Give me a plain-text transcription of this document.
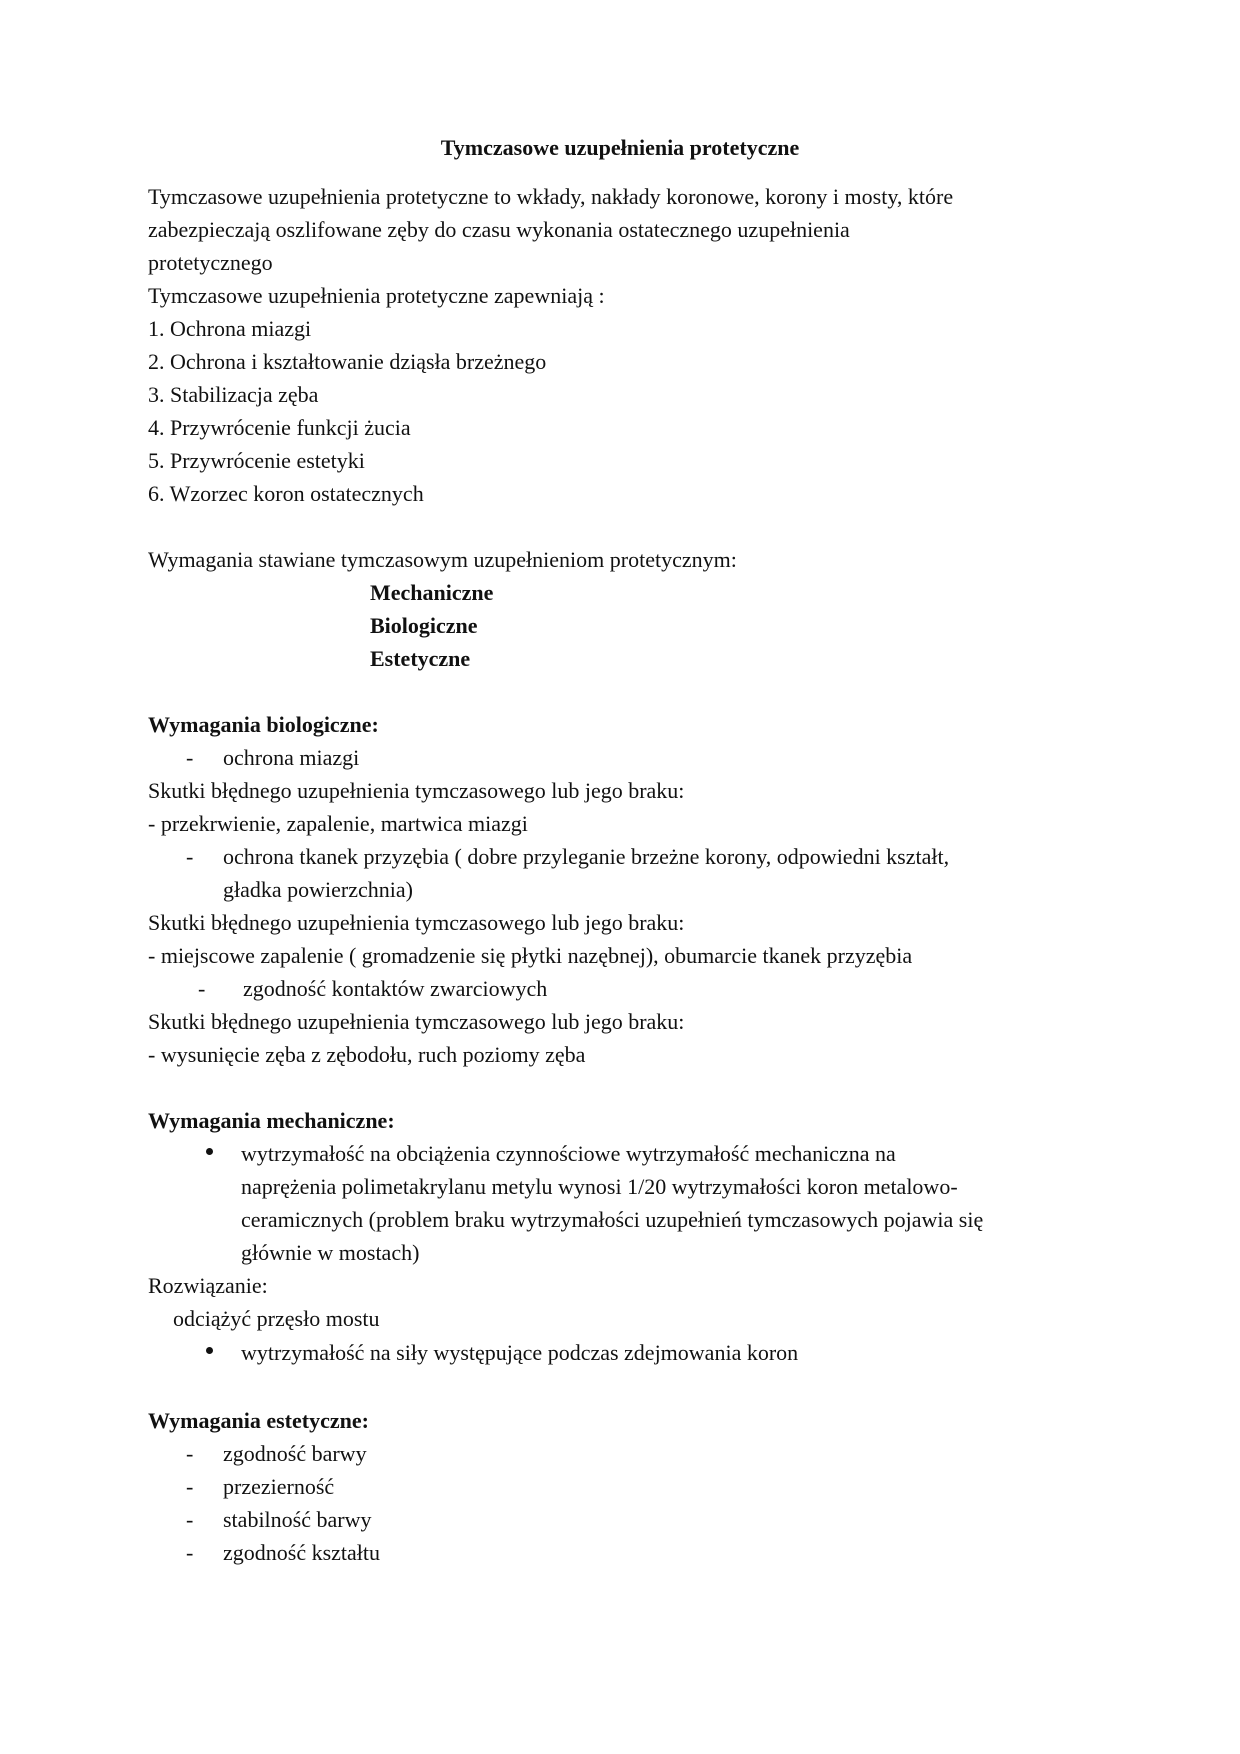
Tymczasowe uzupełnienia protetyczne
Tymczasowe uzupełnienia protetyczne to wkłady, nakłady koronowe, korony i mosty, które
zabezpieczają oszlifowane zęby do czasu wykonania ostatecznego uzupełnienia
protetycznego
Tymczasowe uzupełnienia protetyczne zapewniają :
1. Ochrona miazgi
2. Ochrona i kształtowanie dziąsła brzeżnego
3. Stabilizacja zęba
4. Przywrócenie funkcji żucia
5. Przywrócenie estetyki
6. Wzorzec koron ostatecznych
Wymagania stawiane tymczasowym uzupełnieniom protetycznym:
Mechaniczne
Biologiczne
Estetyczne
Wymagania biologiczne:
- ochrona miazgi
Skutki błędnego uzupełnienia tymczasowego lub jego braku:
- przekrwienie, zapalenie, martwica miazgi
- ochrona tkanek przyzębia ( dobre przyleganie brzeżne korony, odpowiedni kształt,
gładka powierzchnia)
Skutki błędnego uzupełnienia tymczasowego lub jego braku:
- miejscowe zapalenie ( gromadzenie się płytki nazębnej), obumarcie tkanek przyzębia
- zgodność kontaktów zwarciowych
Skutki błędnego uzupełnienia tymczasowego lub jego braku:
- wysunięcie zęba z zębodołu, ruch poziomy zęba
Wymagania mechaniczne:
wytrzymałość na obciążenia czynnościowe wytrzymałość mechaniczna na
naprężenia polimetakrylanu metylu wynosi 1/20 wytrzymałości koron metalowo-
ceramicznych (problem braku wytrzymałości uzupełnień tymczasowych pojawia się
głównie w mostach)
Rozwiązanie:
odciążyć przęsło mostu
wytrzymałość na siły występujące podczas zdejmowania koron
Wymagania estetyczne:
- zgodność barwy
- przezierność
- stabilność barwy
- zgodność kształtu
